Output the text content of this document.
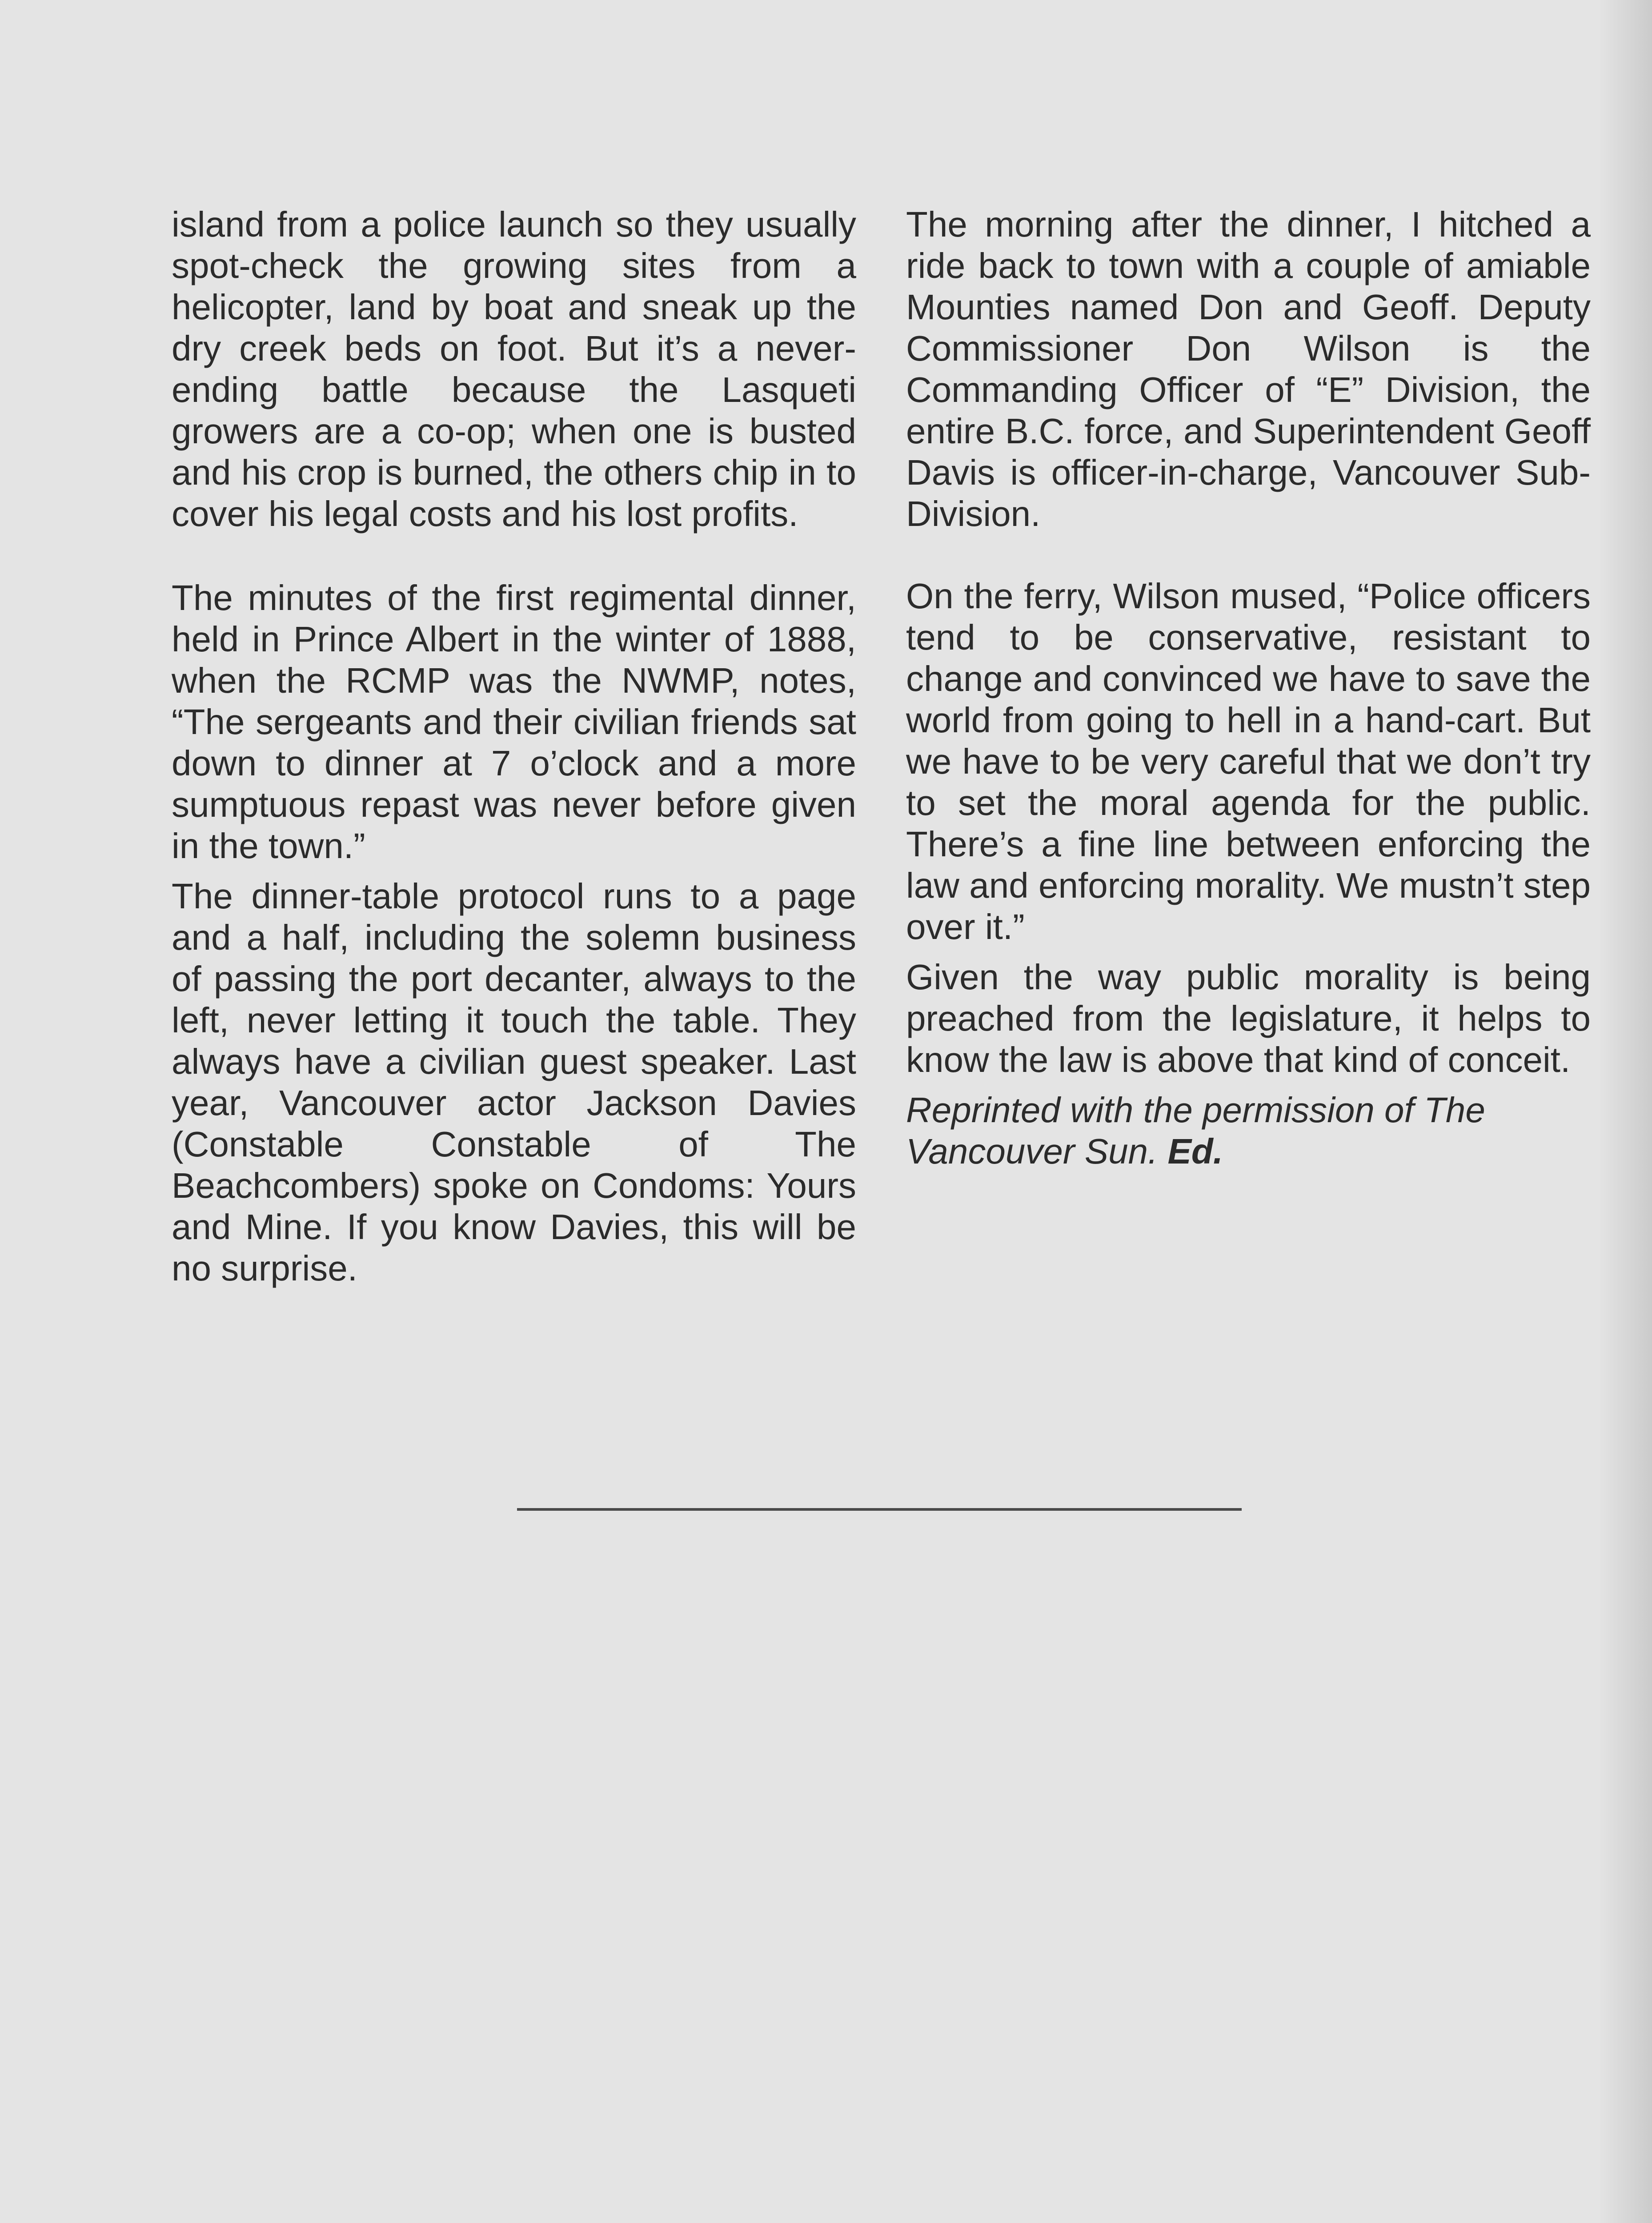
island from a police launch so they usually spot-check the growing sites from a helicopter, land by boat and sneak up the dry creek beds on foot. But it’s a never-ending battle because the Lasqueti growers are a co-op; when one is busted and his crop is burned, the others chip in to cover his legal costs and his lost profits.

The minutes of the first regimental dinner, held in Prince Albert in the winter of 1888, when the RCMP was the NWMP, notes, “The sergeants and their civilian friends sat down to dinner at 7 o’clock and a more sumptuous repast was never before given in the town.”

The dinner-table protocol runs to a page and a half, including the solemn business of passing the port decanter, always to the left, never letting it touch the table. They always have a civilian guest speaker. Last year, Vancouver actor Jackson Davies (Constable Constable of The Beachcombers) spoke on Condoms: Yours and Mine. If you know Davies, this will be no surprise.

The morning after the dinner, I hitched a ride back to town with a couple of amiable Mounties named Don and Geoff. Deputy Commissioner Don Wilson is the Commanding Officer of “E” Division, the entire B.C. force, and Superintendent Geoff Davis is officer-in-charge, Vancouver Sub-Division.

On the ferry, Wilson mused, “Police officers tend to be conservative, resistant to change and convinced we have to save the world from going to hell in a hand-cart. But we have to be very careful that we don’t try to set the moral agenda for the public. There’s a fine line between enforcing the law and enforcing morality. We mustn’t step over it.”

Given the way public morality is being preached from the legislature, it helps to know the law is above that kind of conceit.

Reprinted with the permission of The Vancouver Sun. Ed.
